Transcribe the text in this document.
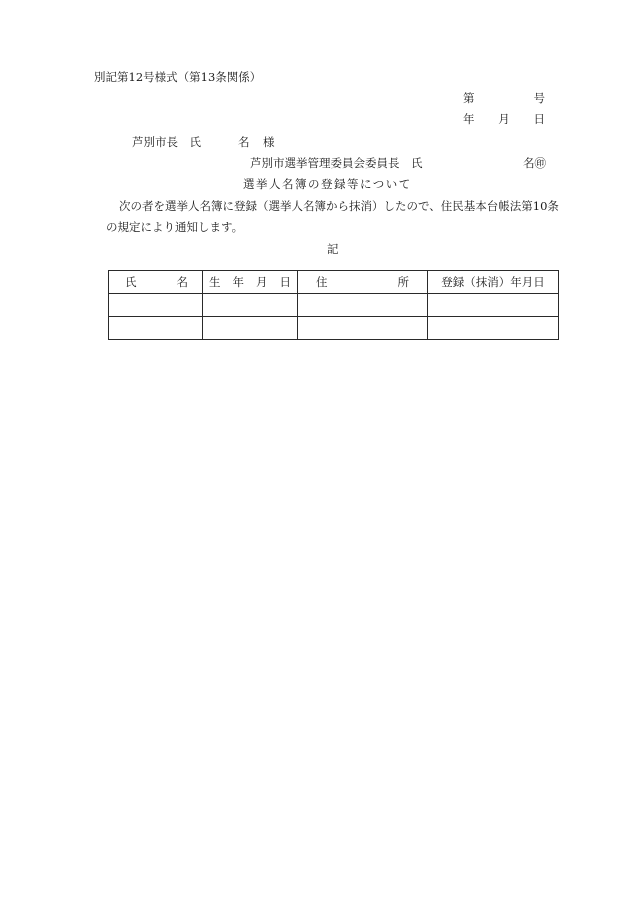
別記第12号様式（第13条関係）
第	号
年 月 日
芦別市長　氏	名 様
芦別市選挙管理委員会委員長　氏	名㊞
選挙人名簿の登録等について
次の者を選挙人名簿に登録（選挙人名簿から抹消）したので、住民基本台帳法第10条
の規定により通知します。
記
氏 名	生 年 月 日	住 所	登録（抹消）年月日
